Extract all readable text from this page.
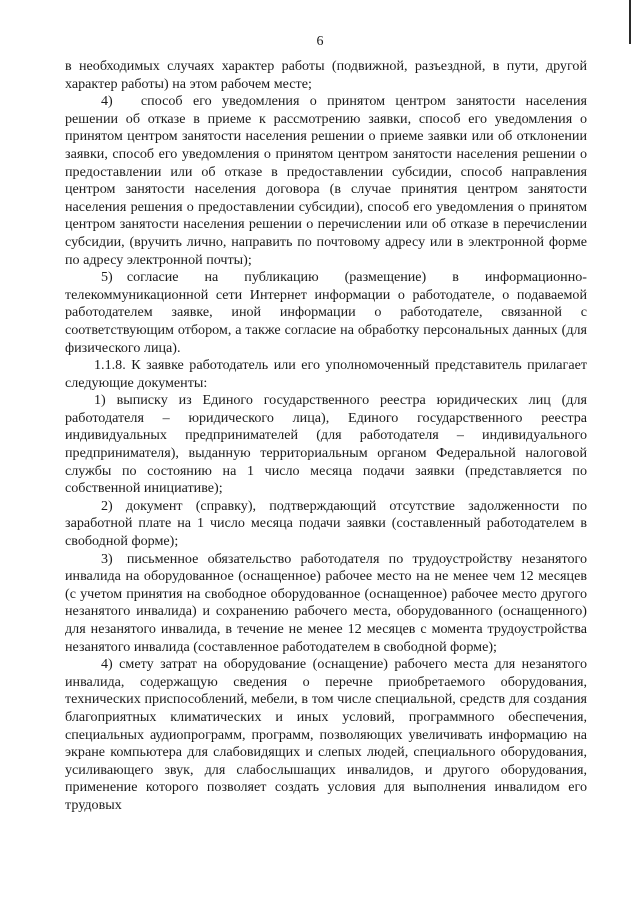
6

в необходимых случаях характер работы (подвижной, разъездной, в пути, другой характер работы) на этом рабочем месте;

4)  способ его уведомления о принятом центром занятости населения решении об отказе в приеме к рассмотрению заявки, способ его уведомления о принятом центром занятости населения решении о приеме заявки или об отклонении заявки, способ его уведомления о принятом центром занятости населения решении о предоставлении или об отказе в предоставлении субсидии, способ направления центром занятости населения договора (в случае принятия центром занятости населения решения о предоставлении субсидии), способ его уведомления о принятом центром занятости населения решении о перечислении или об отказе в перечислении субсидии, (вручить лично, направить по почтовому адресу или в электронной форме по адресу электронной почты);

5) согласие на публикацию (размещение) в информационно-телекоммуникационной сети Интернет информации о работодателе, о подаваемой работодателем заявке, иной информации о работодателе, связанной с соответствующим отбором, а также согласие на обработку персональных данных (для физического лица).

1.1.8. К заявке работодатель или его уполномоченный представитель прилагает следующие документы:

1) выписку из Единого государственного реестра юридических лиц (для работодателя – юридического лица), Единого государственного реестра индивидуальных предпринимателей (для работодателя – индивидуального предпринимателя), выданную территориальным органом Федеральной налоговой службы по состоянию на 1 число месяца подачи заявки (представляется по собственной инициативе);

2) документ (справку), подтверждающий отсутствие задолженности по заработной плате на 1 число месяца подачи заявки (составленный работодателем в свободной форме);

3) письменное обязательство работодателя по трудоустройству незанятого инвалида на оборудованное (оснащенное) рабочее место на не менее чем 12 месяцев (с учетом принятия на свободное оборудованное (оснащенное) рабочее место другого незанятого инвалида) и сохранению рабочего места, оборудованного (оснащенного) для незанятого инвалида, в течение не менее 12 месяцев с момента трудоустройства незанятого инвалида (составленное работодателем в свободной форме);

4) смету затрат на оборудование (оснащение) рабочего места для незанятого инвалида, содержащую сведения о перечне приобретаемого оборудования, технических приспособлений, мебели, в том числе специальной, средств для создания благоприятных климатических и иных условий, программного обеспечения, специальных аудиопрограмм, программ, позволяющих увеличивать информацию на экране компьютера для слабовидящих и слепых людей, специального оборудования, усиливающего звук, для слабослышащих инвалидов, и другого оборудования, применение которого позволяет создать условия для выполнения инвалидом его трудовых
